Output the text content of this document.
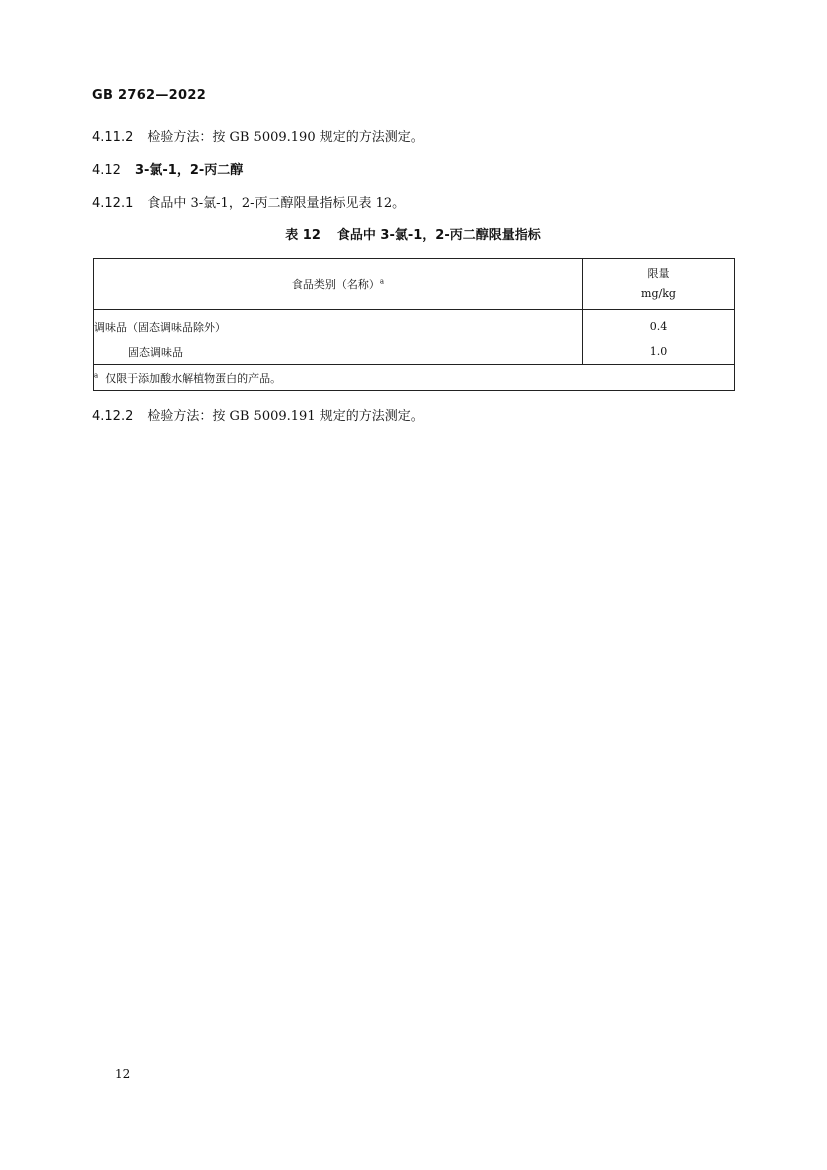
GB 2762—2022
4.11.2 检验方法：按 GB 5009.190 规定的方法测定。
4.12 3-氯-1，2-丙二醇
4.12.1 食品中 3-氯-1，2-丙二醇限量指标见表 12。
表 12 食品中 3-氯-1，2-丙二醇限量指标
食品类别（名称）$^a$	限量
mg/kg

调味品（固态调味品除外）	0.4
固态调味品	1.0
$^a$ 仅限于添加酸水解植物蛋白的产品。	
4.12.2 检验方法：按 GB 5009.191 规定的方法测定。
12
